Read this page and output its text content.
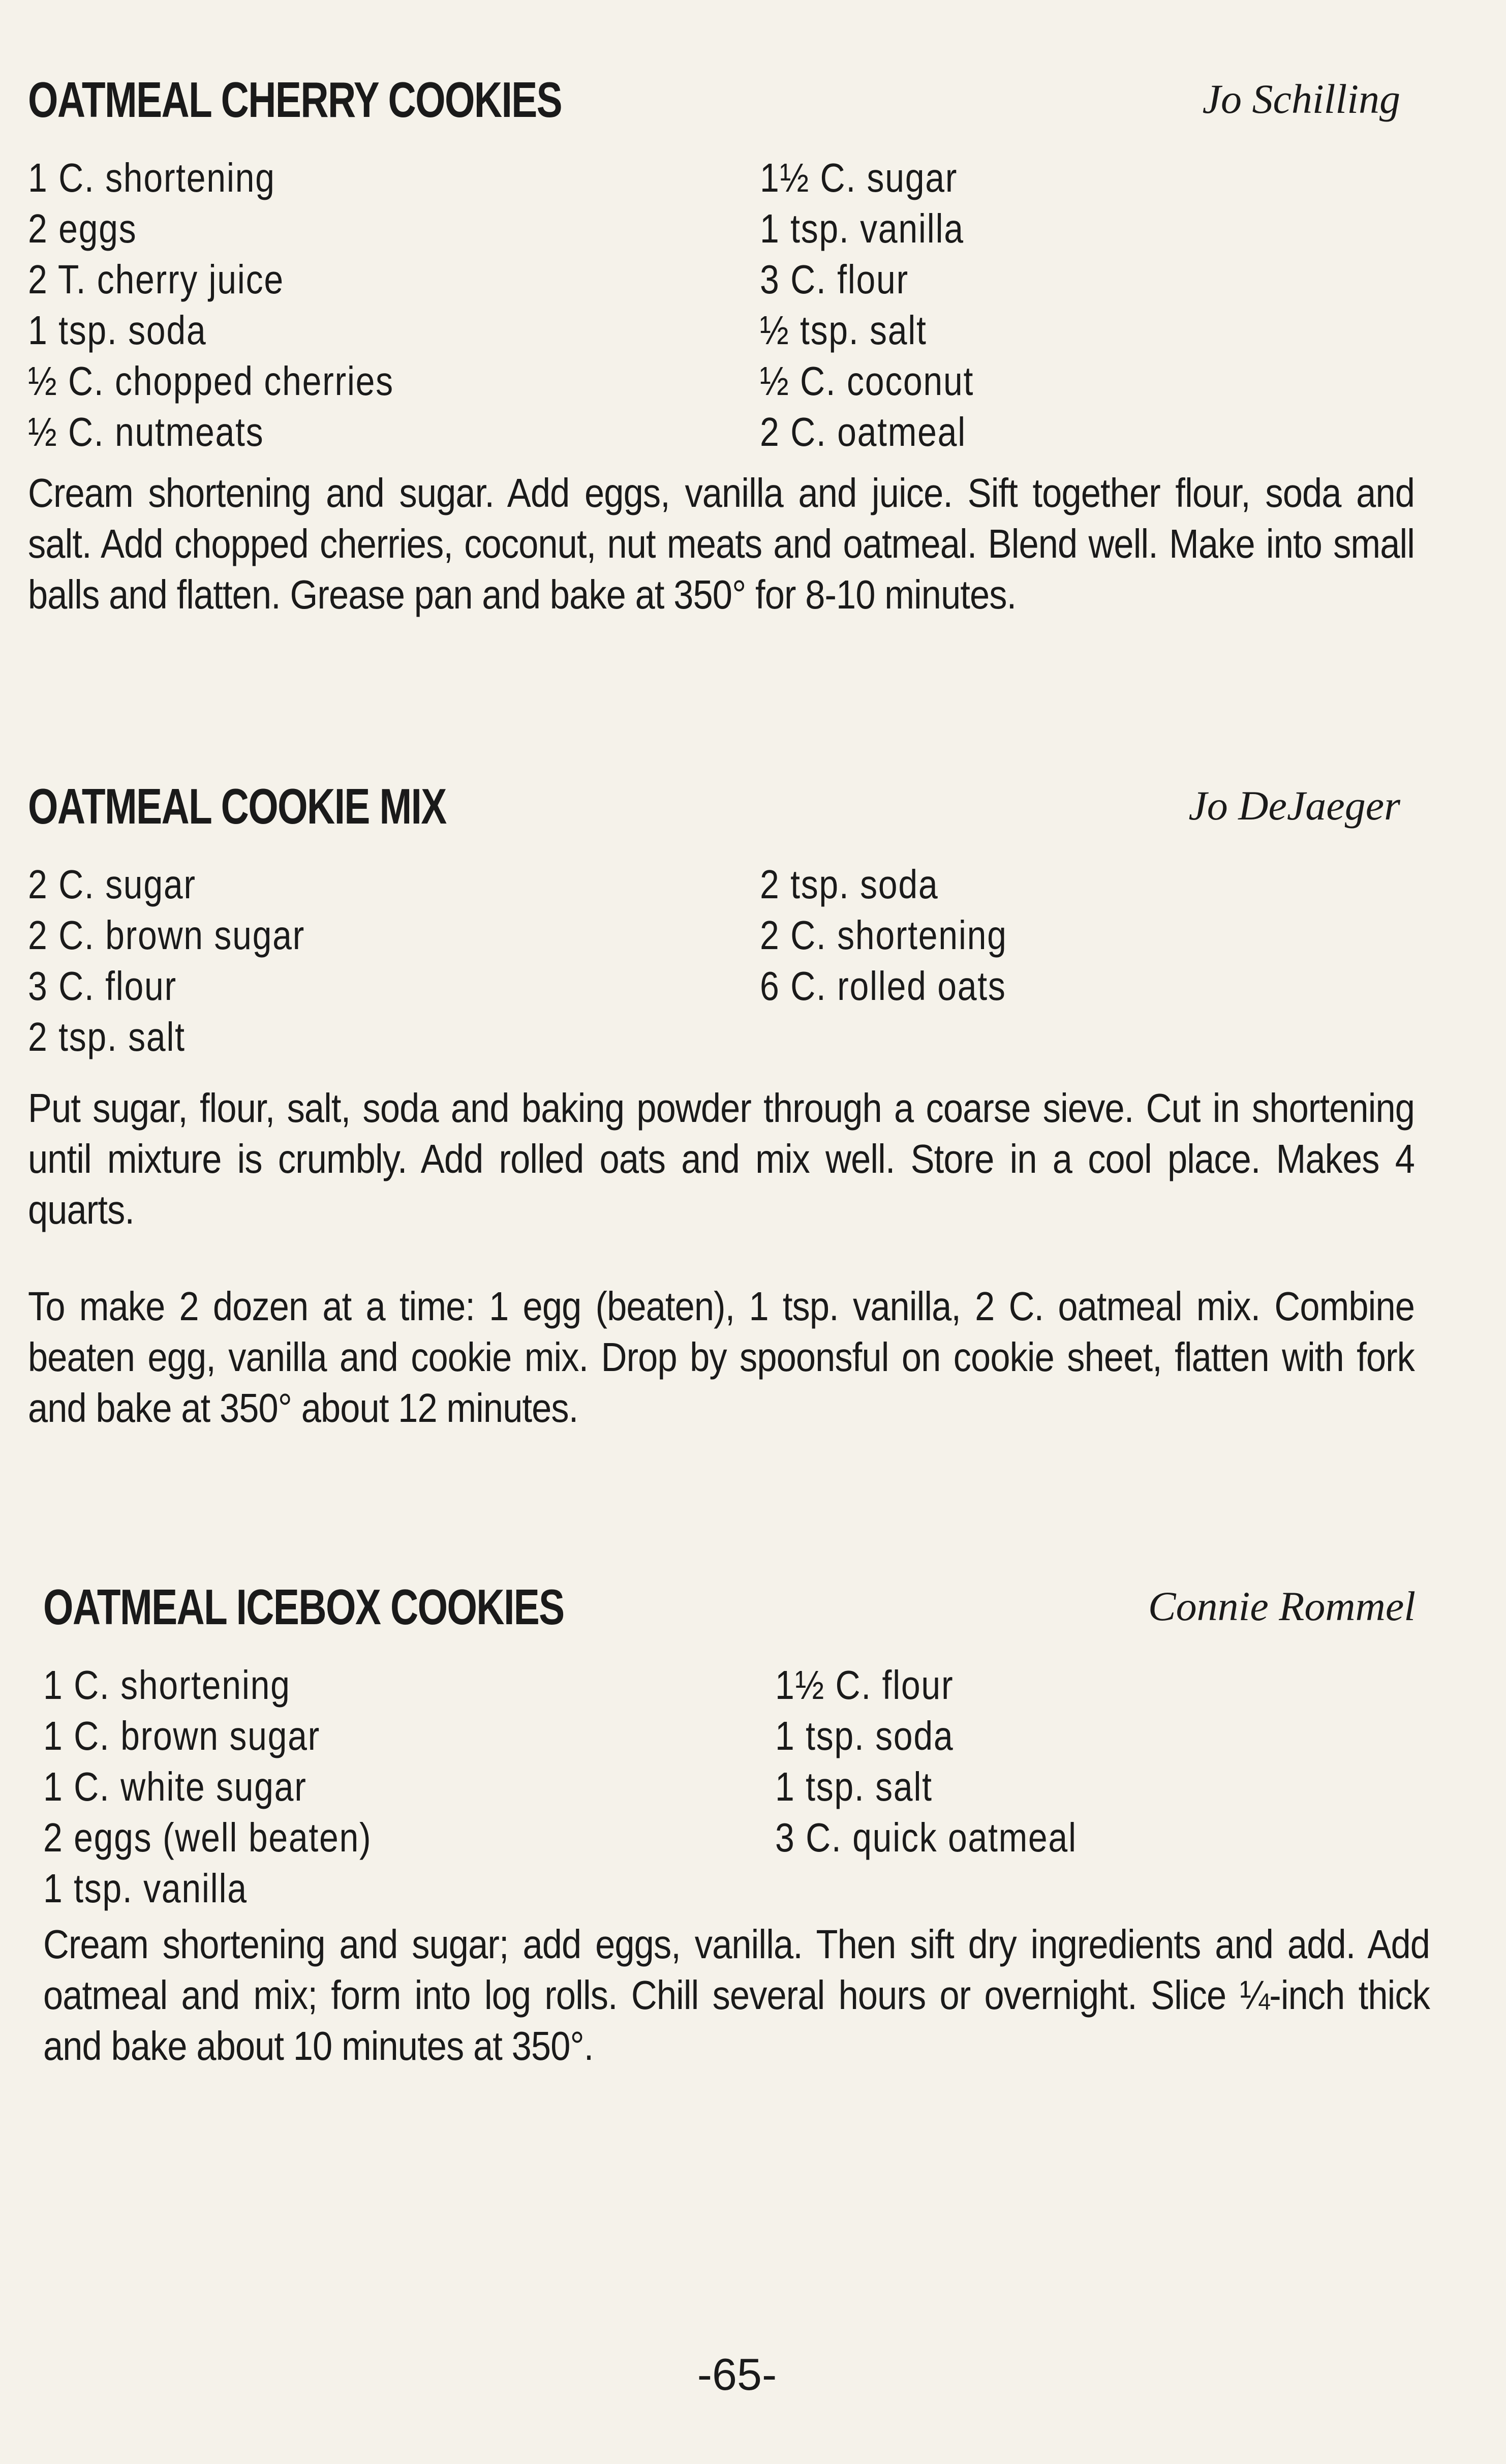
OATMEAL CHERRY COOKIES	Jo Schilling
1 C. shortening
2 eggs
2 T. cherry juice
1 tsp. soda
½ C. chopped cherries
½ C. nutmeats
1½ C. sugar
1 tsp. vanilla
3 C. flour
½ tsp. salt
½ C. coconut
2 C. oatmeal
Cream shortening and sugar. Add eggs, vanilla and juice. Sift together flour, soda and salt. Add chopped cherries, coconut, nut meats and oatmeal. Blend well. Make into small balls and flatten. Grease pan and bake at 350° for 8-10 minutes.
OATMEAL COOKIE MIX	Jo DeJaeger
2 C. sugar
2 C. brown sugar
3 C. flour
2 tsp. salt
2 tsp. soda
2 C. shortening
6 C. rolled oats
Put sugar, flour, salt, soda and baking powder through a coarse sieve. Cut in shortening until mixture is crumbly. Add rolled oats and mix well. Store in a cool place. Makes 4 quarts.
To make 2 dozen at a time: 1 egg (beaten), 1 tsp. vanilla, 2 C. oatmeal mix. Combine beaten egg, vanilla and cookie mix. Drop by spoonsful on cookie sheet, flatten with fork and bake at 350° about 12 minutes.
OATMEAL ICEBOX COOKIES	Connie Rommel
1 C. shortening
1 C. brown sugar
1 C. white sugar
2 eggs (well beaten)
1 tsp. vanilla
1½ C. flour
1 tsp. soda
1 tsp. salt
3 C. quick oatmeal
Cream shortening and sugar; add eggs, vanilla. Then sift dry ingredients and add. Add oatmeal and mix; form into log rolls. Chill several hours or overnight. Slice ¼-inch thick and bake about 10 minutes at 350°.
-65-
